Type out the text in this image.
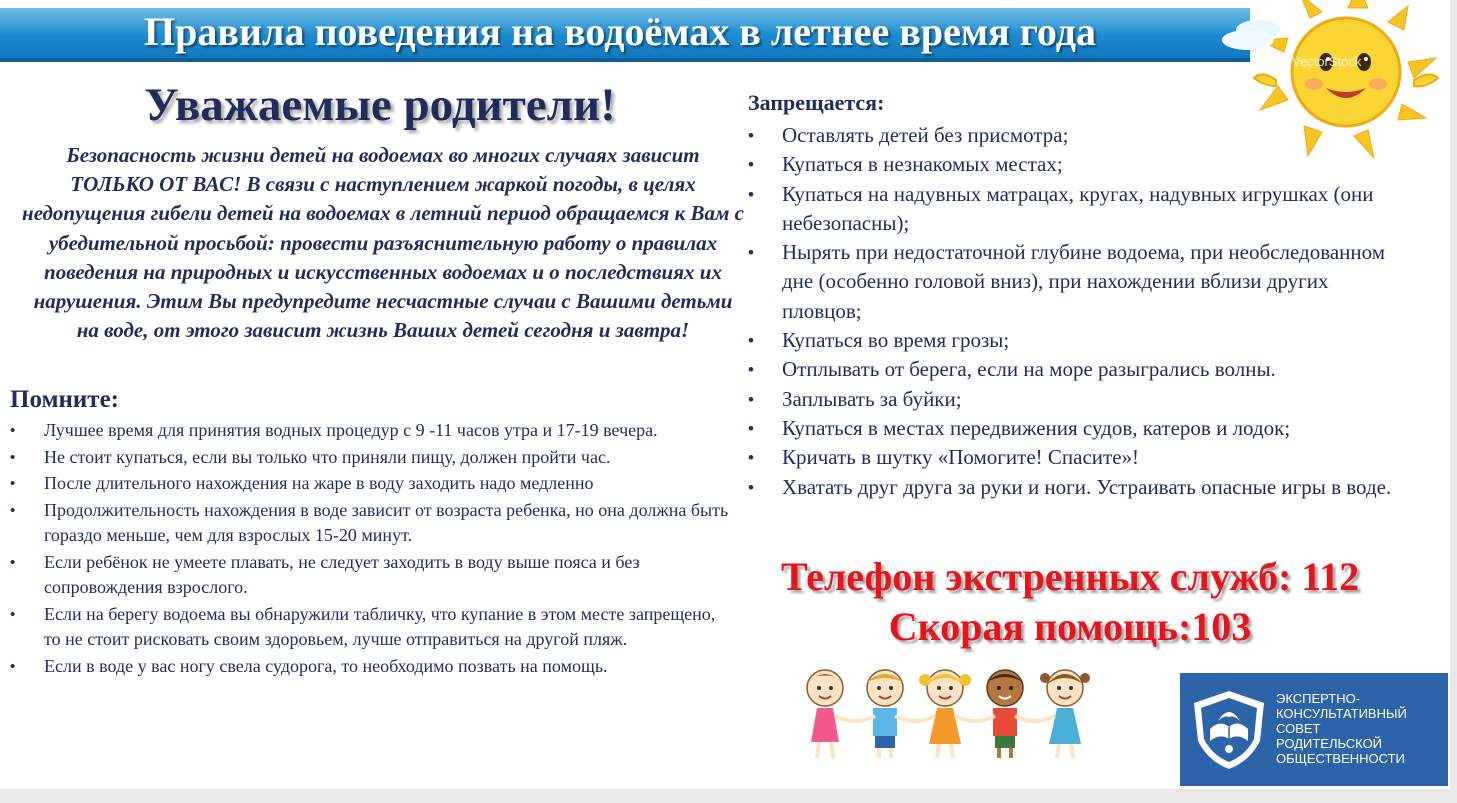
Правила поведения на водоёмах в летнее время года
VectorStock
Уважаемые родители!
Безопасность жизни детей на водоемах во многих случаях зависит ТОЛЬКО ОТ ВАС! В связи с наступлением жаркой погоды, в целях недопущения гибели детей на водоемах в летний период обращаемся к Вам с убедительной просьбой: провести разъяснительную работу о правилах поведения на природных и искусственных водоемах и о последствиях их нарушения. Этим Вы предупредите несчастные случаи с Вашими детьми на воде, от этого зависит жизнь Ваших детей сегодня и завтра!
Помните:
• Лучшее время для принятия водных процедур с 9 -11 часов утра и 17-19 вечера.
• Не стоит купаться, если вы только что приняли пищу, должен пройти час.
• После длительного нахождения на жаре в воду заходить надо медленно
• Продолжительность нахождения в воде зависит от возраста ребенка, но она должна быть гораздо меньше, чем для взрослых 15-20 минут.
• Если ребёнок не умеете плавать, не следует заходить в воду выше пояса и без сопровождения взрослого.
• Если на берегу водоема вы обнаружили табличку, что купание в этом месте запрещено, то не стоит рисковать своим здоровьем, лучше отправиться на другой пляж.
• Если в воде у вас ногу свела судорога, то необходимо позвать на помощь.
Запрещается:
• Оставлять детей без присмотра;
• Купаться в незнакомых местах;
• Купаться на надувных матрацах, кругах, надувных игрушках (они небезопасны);
• Нырять при недостаточной глубине водоема, при необследованном дне (особенно головой вниз), при нахождении вблизи других пловцов;
• Купаться во время грозы;
• Отплывать от берега, если на море разыгрались волны.
• Заплывать за буйки;
• Купаться в местах передвижения судов, катеров и лодок;
• Кричать в шутку «Помогите! Спасите»!
• Хватать друг друга за руки и ноги. Устраивать опасные игры в воде.
Телефон экстренных служб: 112
Скорая помощь:103
ЭКСПЕРТНО-
КОНСУЛЬТАТИВНЫЙ
СОВЕТ
РОДИТЕЛЬСКОЙ
ОБЩЕСТВЕННОСТИ
